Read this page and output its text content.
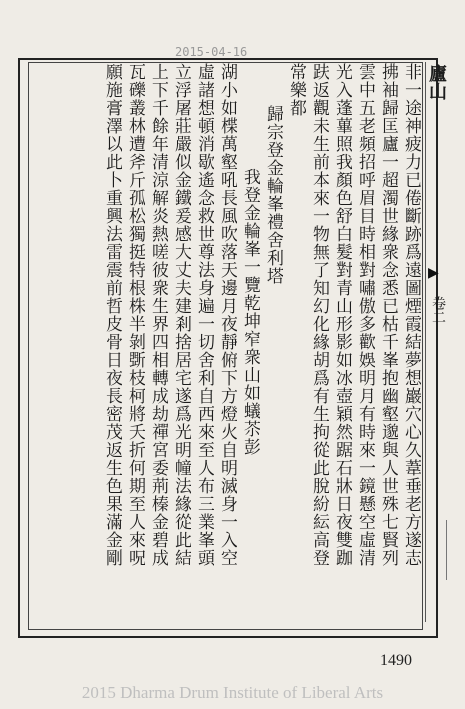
2015-04-16
廬山
▶
卷二
非一途神疲力已倦斷跡爲遠圖煙霞結夢想巖穴心久葦垂老方遂志
拂袖歸匡廬一超濁世緣衆念悉已枯千峯抱幽壑邈與人世殊七賢列
雲中五老頻招呼眉目時相對嘯傲多歡娛明月有時來一鏡懸空虛清
光入蓬蓽照我顏色舒白髮對青山形影如冰壺穎然踞石牀日夜雙跏
趺返觀未生前本來一物無了知幻化緣胡爲有生拘從此脫紛紜高登
常樂都
歸宗登金輪峯禮舍利塔
我登金輪峯一覽乾坤窄衆山如蟻苶彭
湖小如楪萬壑吼長風吹落天邊月夜靜俯下方燈火自明滅身一入空
虛諸想頓消歇遙念救世尊法身遍一切舍利自西來至人布三業峯頭
立浮屠莊嚴似金鐵爰感大丈夫建剎捨居宅遂爲光明幢法緣從此結
上下千餘年清涼解炎熱嗟彼衆生界四相轉成劫禪宮委荊榛金碧成
瓦礫叢林遭斧斤孤松獨挺特根株半剝斲枝柯將夭折何期至人來呪
願施膏澤以此卜重興法雷震前哲皮骨日夜長密茂返生色果滿金剛
1490
2015 Dharma Drum Institute of Liberal Arts
